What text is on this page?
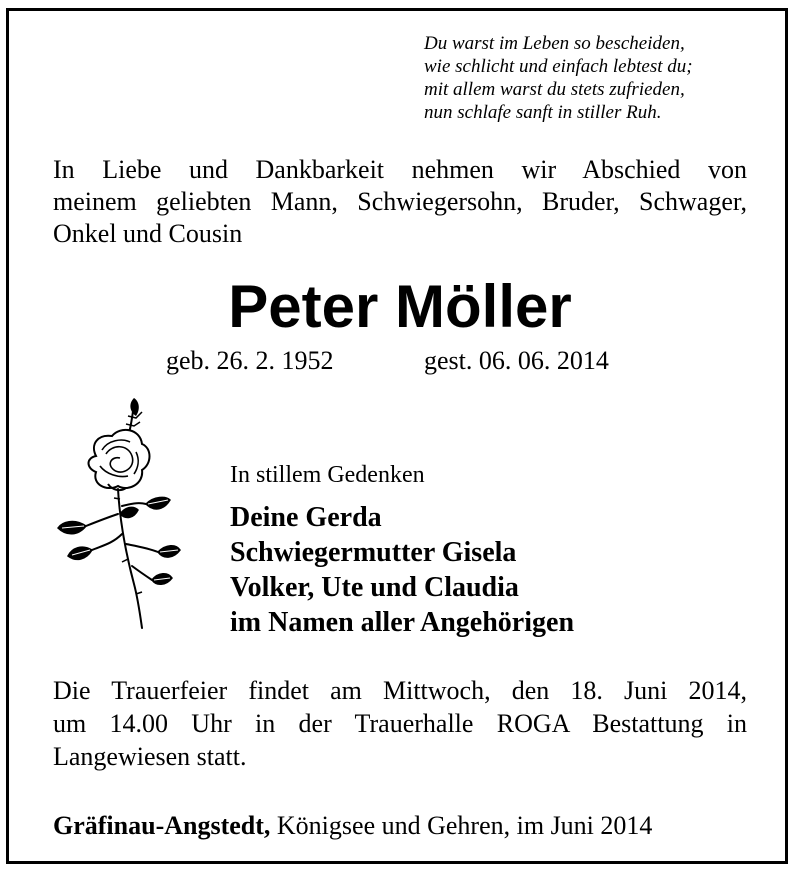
Du warst im Leben so bescheiden,
wie schlicht und einfach lebtest du;
mit allem warst du stets zufrieden,
nun schlafe sanft in stiller Ruh.
In Liebe und Dankbarkeit nehmen wir Abschied von
meinem geliebten Mann, Schwiegersohn, Bruder, Schwager,
Onkel und Cousin
Peter Möller
geb. 26. 2. 1952	gest. 06. 06. 2014
In stillem Gedenken
Deine Gerda
Schwiegermutter Gisela
Volker, Ute und Claudia
im Namen aller Angehörigen
Die Trauerfeier findet am Mittwoch, den 18. Juni 2014,
um 14.00 Uhr in der Trauerhalle ROGA Bestattung in
Langewiesen statt.
Gräfinau-Angstedt, Königsee und Gehren, im Juni 2014
